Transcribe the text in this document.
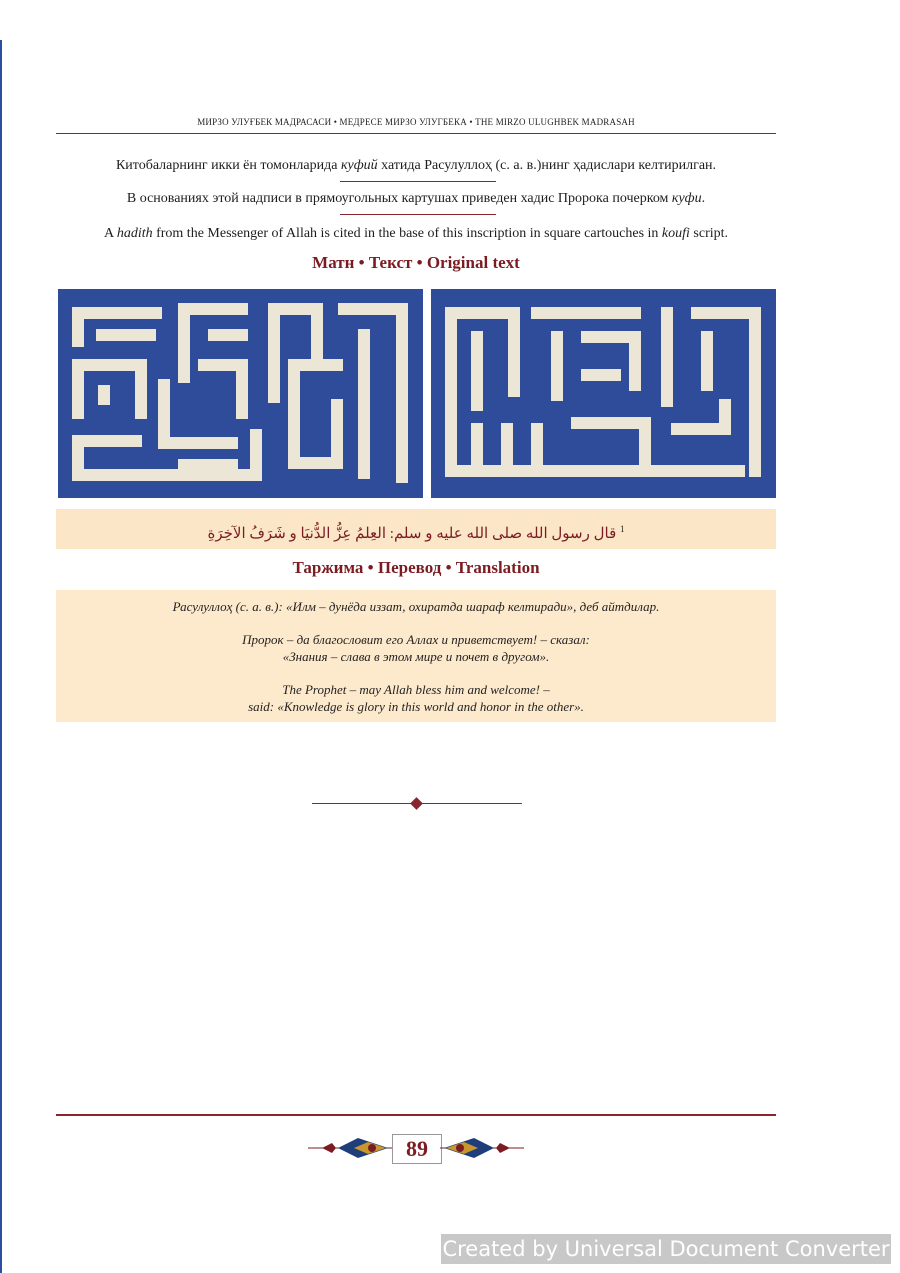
МИРЗО УЛУҒБЕК МАДРАСАСИ • МЕДРЕСЕ МИРЗО УЛУГБЕКА • THE MIRZO ULUGHBEK MADRASAH
Китобаларнинг икки ён томонларида куфий хатида Расулуллоҳ (с. а. в.)нинг ҳадислари келтирилган.
В основаниях этой надписи в прямоугольных картушах приведен хадис Пророка почерком куфи.
A hadith from the Messenger of Allah is cited in the base of this inscription in square cartouches in koufi script.
Матн • Текст • Original text
قال رسول الله صلى الله عليه و سلم: العِلمُ عِزُّ الدُّنيَا و شَرَفُ الآخِرَةِ $^1$
Таржима • Перевод • Translation

Расулуллоҳ (с. а. в.): «Илм – дунёда иззат, охиратда шараф келтиради», деб айтдилар.

Пророк – да благословит его Аллах и приветствует! – сказал:

«Знания – слава в этом мире и почет в другом».

The Prophet – may Allah bless him and welcome! –

said: «Knowledge is glory in this world and honor in the other».

89
Created by Universal Document Converter
